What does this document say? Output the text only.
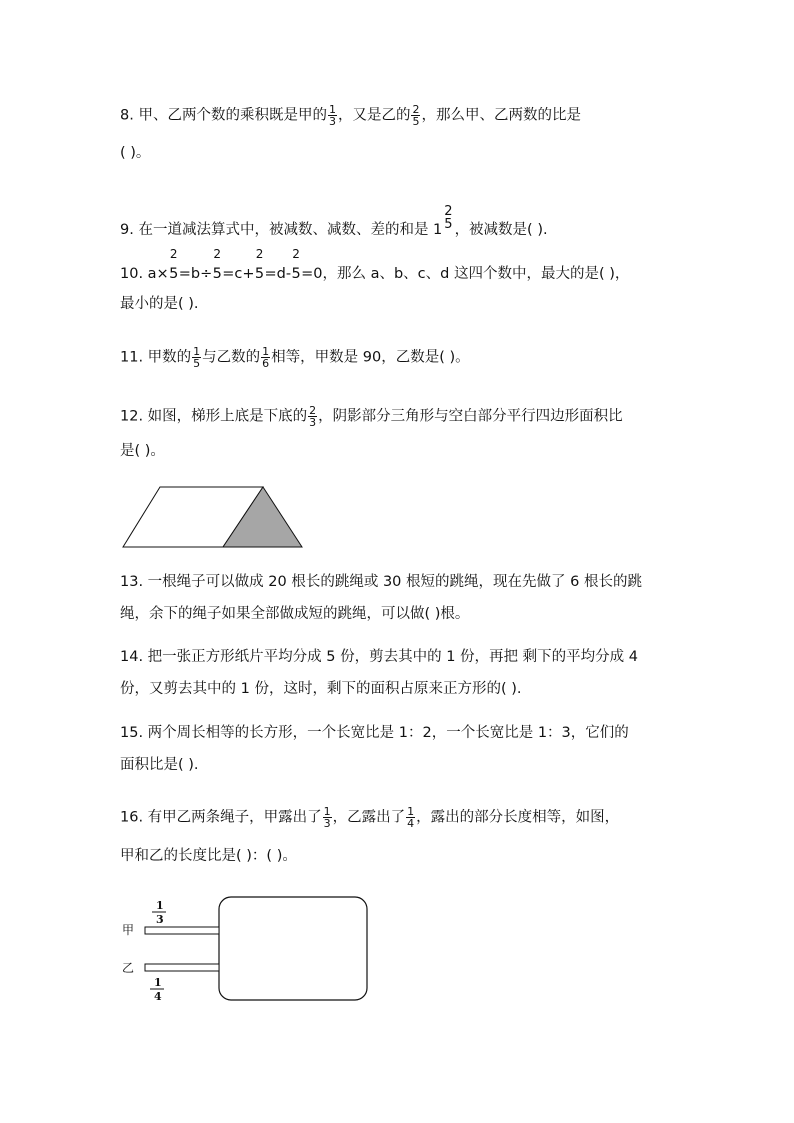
8. 甲、乙两个数的乘积既是甲的 $\frac{1}{3}$ ，又是乙的 $\frac{2}{5}$ ，那么甲、乙两数的比是
( )。
9. 在一道减法算式中，被减数、减数、差的和是 1
2
5 ，被减数是( ).
10. a×
2
5=b÷
2
5=c+
2
5=d-
2
5=0，那么 a、b、c、d 这四个数中，最大的是( )，
最小的是( ).
11. 甲数的 $\frac{1}{5}$ 与乙数的 $\frac{1}{6}$ 相等，甲数是 90，乙数是( )。
12. 如图，梯形上底是下底的 $\frac{2}{3}$ ，阴影部分三角形与空白部分平行四边形面积比
是( )。
13. 一根绳子可以做成 20 根长的跳绳或 30 根短的跳绳，现在先做了 6 根长的跳
绳，余下的绳子如果全部做成短的跳绳，可以做( )根。
14. 把一张正方形纸片平均分成 5 份，剪去其中的 1 份，再把 剩下的平均分成 4
份，又剪去其中的 1 份，这时，剩下的面积占原来正方形的( ).
15. 两个周长相等的长方形，一个长宽比是 1：2，一个长宽比是 1：3，它们的
面积比是( ).
16. 有甲乙两条绳子，甲露出了 $\frac{1}{3}$ ，乙露出了 $\frac{1}{4}$ ，露出的部分长度相等，如图，
甲和乙的长度比是( )：( )。
甲
乙
1
3
1
4
